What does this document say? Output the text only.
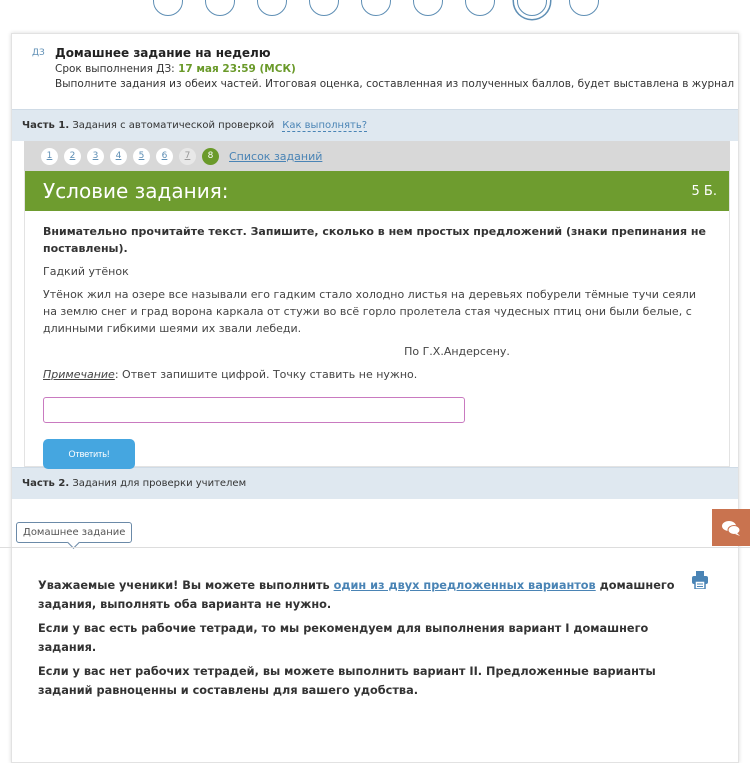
ДЗ Домашнее задание на неделю
Срок выполнения ДЗ: 17 мая 23:59 (МСК)
Выполните задания из обеих частей. Итоговая оценка, составленная из полученных баллов, будет выставлена в журнал
Часть 1. Задания с автоматической проверкой Как выполнять?
1	2	3	4	5	6	7	8	Список заданий
Условие задания:	5 Б.

Внимательно прочитайте текст. Запишите, сколько в нем простых предложений (знаки препинания не поставлены).

Гадкий утёнок

Утёнок жил на озере все называли его гадким стало холодно листья на деревьях побурели тёмные тучи сеяли на землю снег и град ворона каркала от стужи во всё горло пролетела стая чудесных птиц они были белые, с длинными гибкими шеями их звали лебеди.

По Г.Х.Андерсену.

Примечание: Ответ запишите цифрой. Точку ставить не нужно.

Ответить!
Часть 2. Задания для проверки учителем
Домашнее задание

Уважаемые ученики! Вы можете выполнить один из двух предложенных вариантов домашнего задания, выполнять оба варианта не нужно.

Если у вас есть рабочие тетради, то мы рекомендуем для выполнения вариант I домашнего задания.

Если у вас нет рабочих тетрадей, вы можете выполнить вариант II. Предложенные варианты заданий равноценны и составлены для вашего удобства.
